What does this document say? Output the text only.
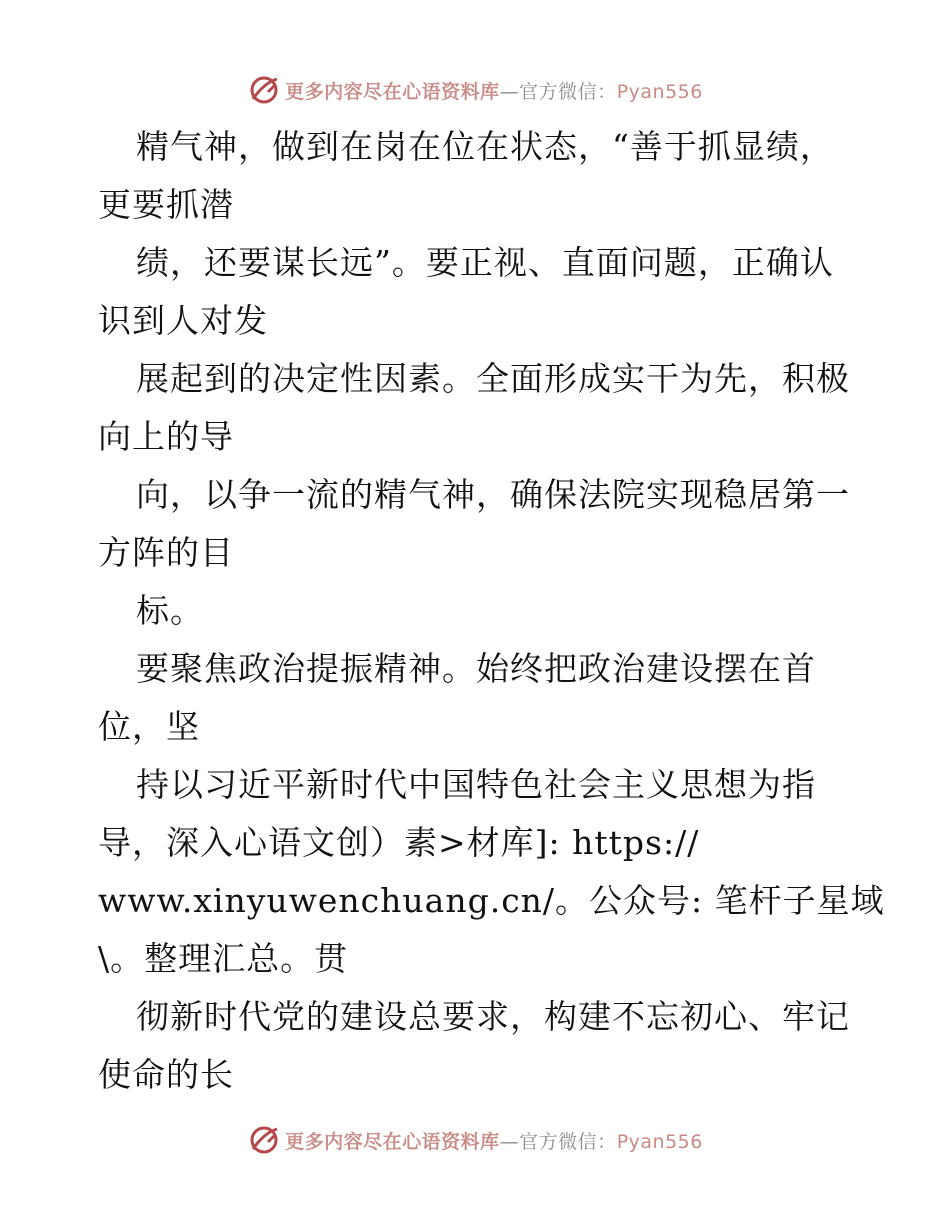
更多内容尽在心语资料库—官方微信：Pyan556
精气神，做到在岗在位在状态，“善于抓显绩，
更要抓潜
绩，还要谋长远”。要正视、直面问题，正确认
识到人对发
展起到的决定性因素。全面形成实干为先，积极
向上的导
向，以争一流的精气神，确保法院实现稳居第一
方阵的目
标。
要聚焦政治提振精神。始终把政治建设摆在首
位，坚
持以习近平新时代中国特色社会主义思想为指
导，深入心语文创）素>材库]: https://
www.xinyuwenchuang.cn/。公众号: 笔杆子星域
\。整理汇总。贯
彻新时代党的建设总要求，构建不忘初心、牢记
使命的长
更多内容尽在心语资料库—官方微信：Pyan556
